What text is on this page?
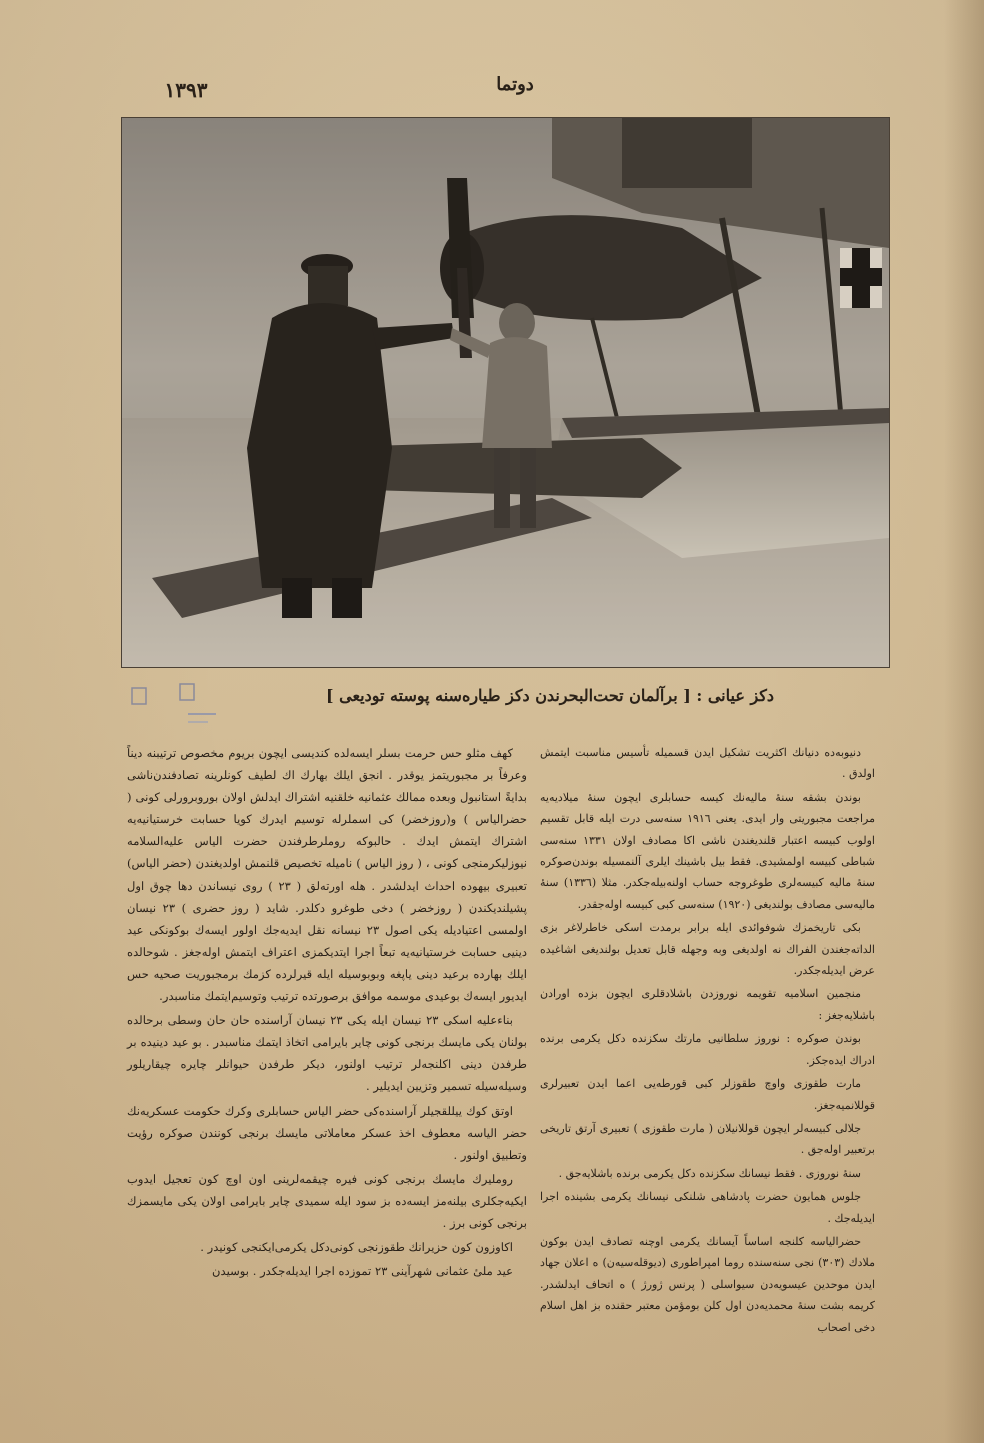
١٣٩٣	دوتما
دکز عیانی : [ برآلمان تحت‌البحرندن دکز طیاره‌سنه پوسته تودیعی ]

دنیوبه‌ده دنیانك اکثریت تشکیل ایدن قسمیله تأسیس مناسبت ایتمش اولدق .

بوندن بشقه سنهٔ مالیه‌نك کیسه حسابلری ایچون سنهٔ میلادیه‌یه مراجعت مجبوریتی وار ایدی. یعنی ١٩١٦ سنه‌سی درت ایله قابل تقسیم اولوب کبیسه اعتبار قلندیغندن ناشی اکا مصادف اولان ١٣٣١ سنه‌سی شباطی کبیسه اولمشیدی. فقط بیل باشینك ایلری آلنمسیله بوندن‌صوکره سنهٔ مالیه کبیسه‌لری طوغروجه حساب اولنه‌بیله‌جکدر. مثلا (١٣٣٦) سنهٔ مالیه‌سی مصادف بولندیغی (١٩٢٠) سنه‌سی کبی کبیسه اوله‌جقدر.

بکی تاریخمزك شوفوائدی ایله برابر برمدت اسکی خاطرلاغر بزی الداته‌جغندن الفراك نه اولدیغی وبه وجهله قابل تعدیل بولندیغی اشاغیده عرض ایدیله‌جکدر.

منجمین اسلامیه تقویمه نوروزدن باشلادقلری ایچون بزده اورادن باشلایه‌جغز :

بوندن صوکره : نوروز سلطانیی مارتك سکزنده دکل یکرمی برنده ادراك ایده‌جکز.

مارت طقوزی واوچ طقوزلر کبی قورطه‌یی اعما ایدن تعبیرلری قوللانمیه‌جغز.

جلالی کبیسه‌لر ایچون قوللانیلان ( مارت طقوزی ) تعبیری آرتق تاریخی برتعبیر اوله‌جق .

سنهٔ نوروزی . فقط نیسانك سکزنده دکل یکرمی برنده باشلایه‌جق .

جلوس همایون حضرت پادشاهی شلنکی نیسانك یکرمی بشینده اجرا ایدیله‌جك .

حضرالیاسه کلنجه اساساً آیسانك یکرمی اوچنه تصادف ایدن بوکون ملادك (٣٠٣) نجی سنه‌سنده روما امپراطوری (دیوقله‌سیه‌ن) ه اعلان جهاد ایدن موحدین عیسویه‌دن سیواسلی ( پرنس ژورژ ) ه اتحاف ایدلشدر. کریمه بشت سنهٔ محمدیه‌دن اول کلن بومؤمن معتبر حقنده بز اهل اسلام دخی اصحاب

کهف مثلو حس حرمت بسلر ایسه‌لده کندیسی ایچون بریوم مخصوص ترتیبنه دیناً وعرفاً بر مجبوریتمز یوقدر . انجق ایلك بهارك اك لطیف کونلرینه تصادفندن‌ناشی بدایةً استانبول وبعده ممالك عثمانیه خلقنیه اشتراك ایدلش اولان بوروبرورلی کونی ( حضرالیاس ) و(روزخضر) کی اسملرله توسیم ایدرك کویا حسابت خرستیانیه‌یه اشتراك ایتمش ایدك . حالبوکه روملرطرفندن حضرت الیاس علیه‌السلامه نیوزلیکرمنجی کونی ، ( روز الیاس ) نامیله تخصیص قلنمش اولدیغندن (حضر الیاس) تعبیری بیهوده احداث ایدلشدر . هله اورته‌لق ( ٢٣ ) روی نیساندن دها چوق اول پشیلندیکندن ( روزخضر ) دخی طوغرو دکلدر. شاید ( روز حضری ) ٢٣ نیسان اولمسی اعتیادیله یکی اصول ٢٣ نیسانه نقل ایدیه‌جك اولور ایسه‌ك بوکونکی عید دینیی حسابت خرستیانیه‌یه تبعاً اجرا ایتدیکمزی اعتراف ایتمش اوله‌جغز . شوحالده ایلك بهارده برعید دینی یاپغه وبوبوسیله ایله قیرلرده کزمك برمجبوریت صحیه حس ایدیور ایسه‌ك بوعیدی موسمه موافق برصورتده ترتیب وتوسیم‌ایتمك مناسبدر.

بناءعلیه اسکی ٢٣ نیسان ایله یکی ٢٣ نیسان آراسنده حان حان وسطی برحالده بولنان یکی مایسك برنجی کونی چایر بایرامی اتخاذ ایتمك مناسبدر . بو عید دینیده بر طرفدن دینی اکلنجه‌لر ترتیب اولنور، دیکر طرفدن حیوانلر چایره چیقاریلور وسیله‌سیله تسمیر وتزیین ایدیلیر .

اوتق کوك ییللقجیلر آراسنده‌کی حضر الیاس حسابلری وکرك حکومت عسکریه‌نك حضر الیاسه معطوف اخذ عسکر معاملاتی مایسك برنجی کونندن صوکره رؤیت وتطبیق اولنور .

رومليرك مایسك برنجی کونی فیره چیقمه‌لرینی اون اوچ کون تعجیل ایدوب ایکیه‌جکلری بیلنه‌مز ایسه‌ده بز سود ایله سمیدی چایر بایرامی اولان یکی مایسمزك برنجی کونی برز .

اکاوزون کون حزیرانك طقوزنجی کونی‌دکل یکرمی‌ایکنجی کونیدر .

عید ملیٔ عثمانی شهرآینی ٢٣ تموزده اجرا ایدیله‌جکدر . بوسیدن
